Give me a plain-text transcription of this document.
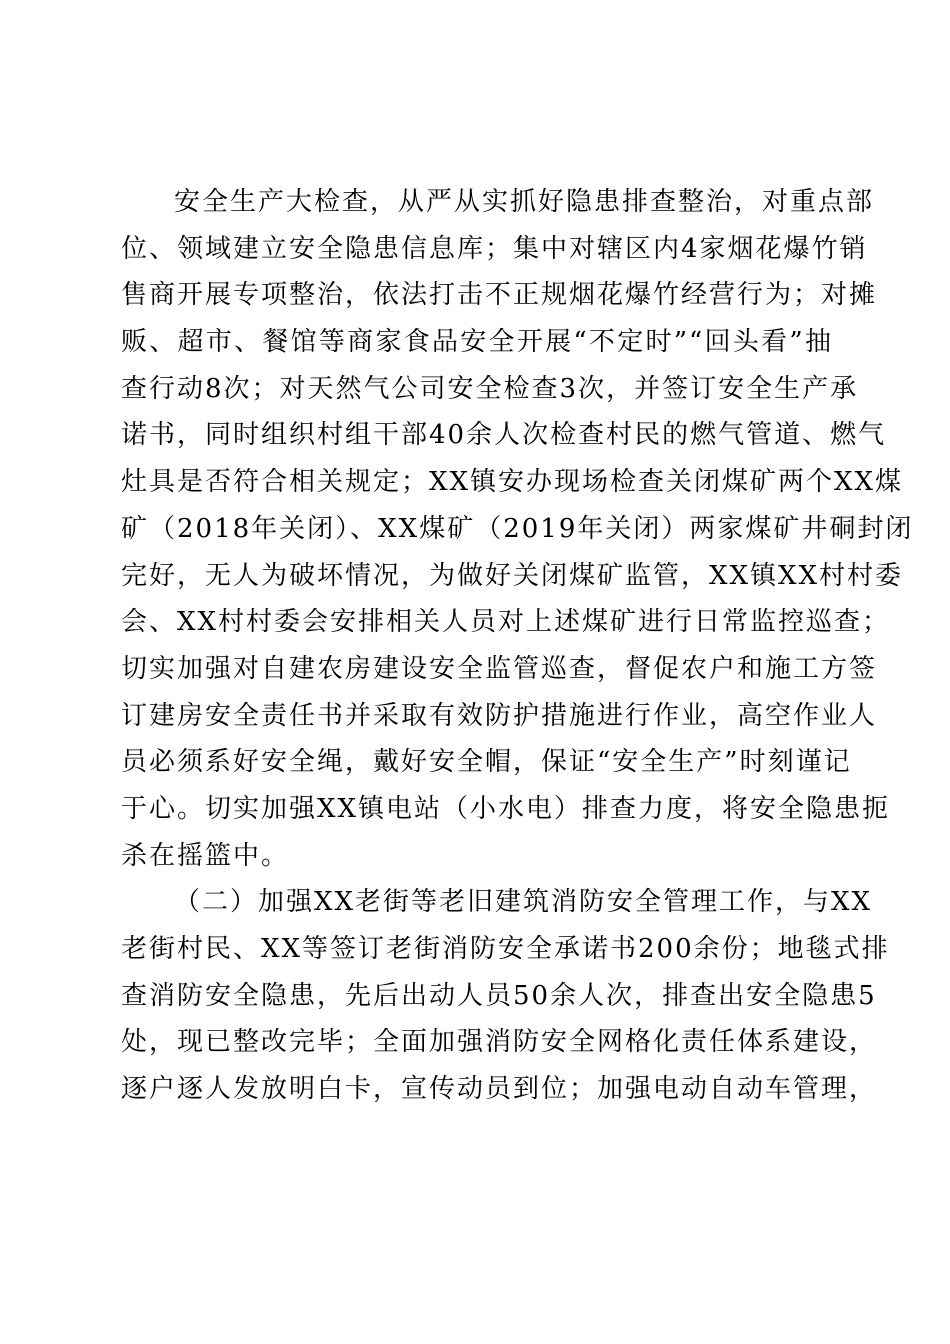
安全生产大检查，从严从实抓好隐患排查整治，对重点部
位、领域建立安全隐患信息库；集中对辖区内4家烟花爆竹销
售商开展专项整治，依法打击不正规烟花爆竹经营行为；对摊
贩、超市、餐馆等商家食品安全开展“不定时”“回头看”抽
查行动8次；对天然气公司安全检查3次，并签订安全生产承
诺书，同时组织村组干部40余人次检查村民的燃气管道、燃气
灶具是否符合相关规定；XX镇安办现场检查关闭煤矿两个XX煤
矿（2018年关闭）、XX煤矿（2019年关闭）两家煤矿井硐封闭
完好，无人为破坏情况，为做好关闭煤矿监管，XX镇XX村村委
会、XX村村委会安排相关人员对上述煤矿进行日常监控巡查；
切实加强对自建农房建设安全监管巡查，督促农户和施工方签
订建房安全责任书并采取有效防护措施进行作业，高空作业人
员必须系好安全绳，戴好安全帽，保证“安全生产”时刻谨记
于心。切实加强XX镇电站（小水电）排查力度，将安全隐患扼
杀在摇篮中。
（二）加强XX老街等老旧建筑消防安全管理工作，与XX
老街村民、XX等签订老街消防安全承诺书200余份；地毯式排
查消防安全隐患，先后出动人员50余人次，排查出安全隐患5
处，现已整改完毕；全面加强消防安全网格化责任体系建设，
逐户逐人发放明白卡，宣传动员到位；加强电动自动车管理，
